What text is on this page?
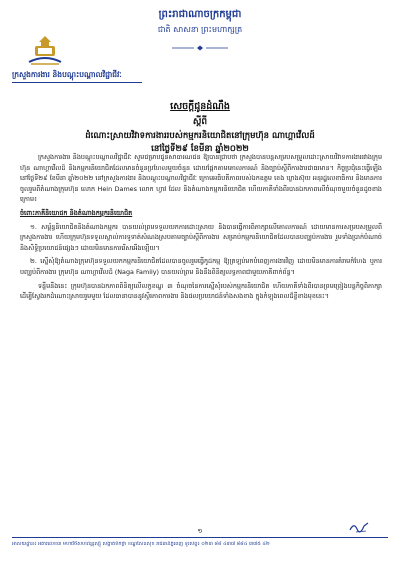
ព្រះរាជាណាចក្រកម្ពុជា
ជាតិ សាសនា ព្រះមហាក្សត្រ
ក្រសួងការងារ និងបណ្តុះបណ្តាលវិជ្ជាជីវៈ
សេចក្តីជូនដំណឹង
ស្តីពី
ដំណោះស្រាយវិវាទការងាររបស់កម្មករនិយោជិតនៅក្រុមហ៊ុន ណាហ្គាវើលដ៍
នៅថ្ងៃទី២៩ ខែមីនា ឆ្នាំ២០២២

ក្រសួងការងារ និងបណ្តុះបណ្តាលវិជ្ជាជីវៈ សូមជម្រាបជូនសាធារណជន ឱ្យបានជ្រាបថា ក្រសួងបានបន្តសម្របសម្រួលដោះស្រាយវិវាទការងាររវាងក្រុមហ៊ុន ណាហ្គាវើលដ៍ និងកម្មករនិយោជិតដែលមានចំនួនប្រហែលមួយចំនួន ដោយផ្អែកតាមគោលការណ៍ និងច្បាប់ស្តីពីការងារជាធរមាន។ កិច្ចប្រជុំនេះធ្វើឡើងនៅថ្ងៃទី២៩ ខែមីនា ឆ្នាំ២០២២ នៅក្រសួងការងារ និងបណ្តុះបណ្តាលវិជ្ជាជីវៈ ក្រោមអធិបតីភាពរបស់ឯកឧត្តម ខេង ឃ្លាងស៊ុយ អនុរដ្ឋលេខាធិការ និងមានការចូលរួមពីតំណាងក្រុមហ៊ុន លោក Hein Dames លោក ហ្វាវ ដែល និងតំណាងកម្មករនិយោជិត ហើយភាគីទាំងពីរបានឯកភាពលើចំណុចមួយចំនួនដូចខាងក្រោម៖

ចំពោះភាគីនិយោជក និងតំណាងកម្មករនិយោជិត

១. សម្ព័ន្ធនិយោជិតនិងតំណាងកម្មករ បានយល់ព្រមទទួលយកការដោះស្រាយ និងបានធ្វើការពិភាក្សាលើគោលការណ៍ ដោយមានការសម្របសម្រួលពីក្រសួងការងារ ហើយក្រុមហ៊ុនទទួលស្គាល់ការទូទាត់សំណងស្របតាមច្បាប់ស្តីពីការងារ សម្រាប់កម្មករនិយោជិតដែលបានបញ្ឈប់ការងារ រួមទាំងប្រាក់បំណាច់ និងសិទ្ធិប្រយោជន៍ផ្សេងៗ ដោយមិនមានការរើសអើងឡើយ។

២. ស្នើសុំឱ្យតំណាងក្រុមហ៊ុនទទួលយកកម្មករនិយោជិតដែលបានចូលរួមធ្វើកូដកម្ម ឱ្យត្រឡប់មកបំពេញការងារវិញ ដោយមិនមានការគំរាមកំហែង ឬការបញ្ឈប់ពីការងារ ក្រុមហ៊ុន ណាហ្គាវើលដ៍ (Naga Family) បានយល់ព្រម និងនឹងពិនិត្យលទ្ធភាពជាមួយភាគីពាក់ព័ន្ធ។

ទន្ទឹមនឹងនេះ ក្រុមហ៊ុនបានឯកភាពពិនិត្យលើលក្ខខណ្ឌ ៣ ចំណុចនៃការស្នើសុំរបស់កម្មករនិយោជិត ហើយភាគីទាំងពីរបានព្រមព្រៀងបន្តកិច្ចពិភាក្សា ដើម្បីស្វែងរកដំណោះស្រាយរួមមួយ ដែលធានាបាននូវស្ថិរភាពការងារ និងផលប្រយោជន៍ទាំងសងខាង ក្នុងកំឡុងពេលដ៏ខ្លីខាងមុខនេះ។

១
អាសយដ្ឋាន៖ អគារលេខ៣ មហាវិថីសហព័ន្ធរុស្ស៊ី សង្កាត់ទឹកថ្លា ខណ្ឌសែនសុខ រាជធានីភ្នំពេញ ទូរស័ព្ទ៖ ០២៣ ៨៨ ៤៣៧ ៨៨៤ ៣៧៥ ៤២
